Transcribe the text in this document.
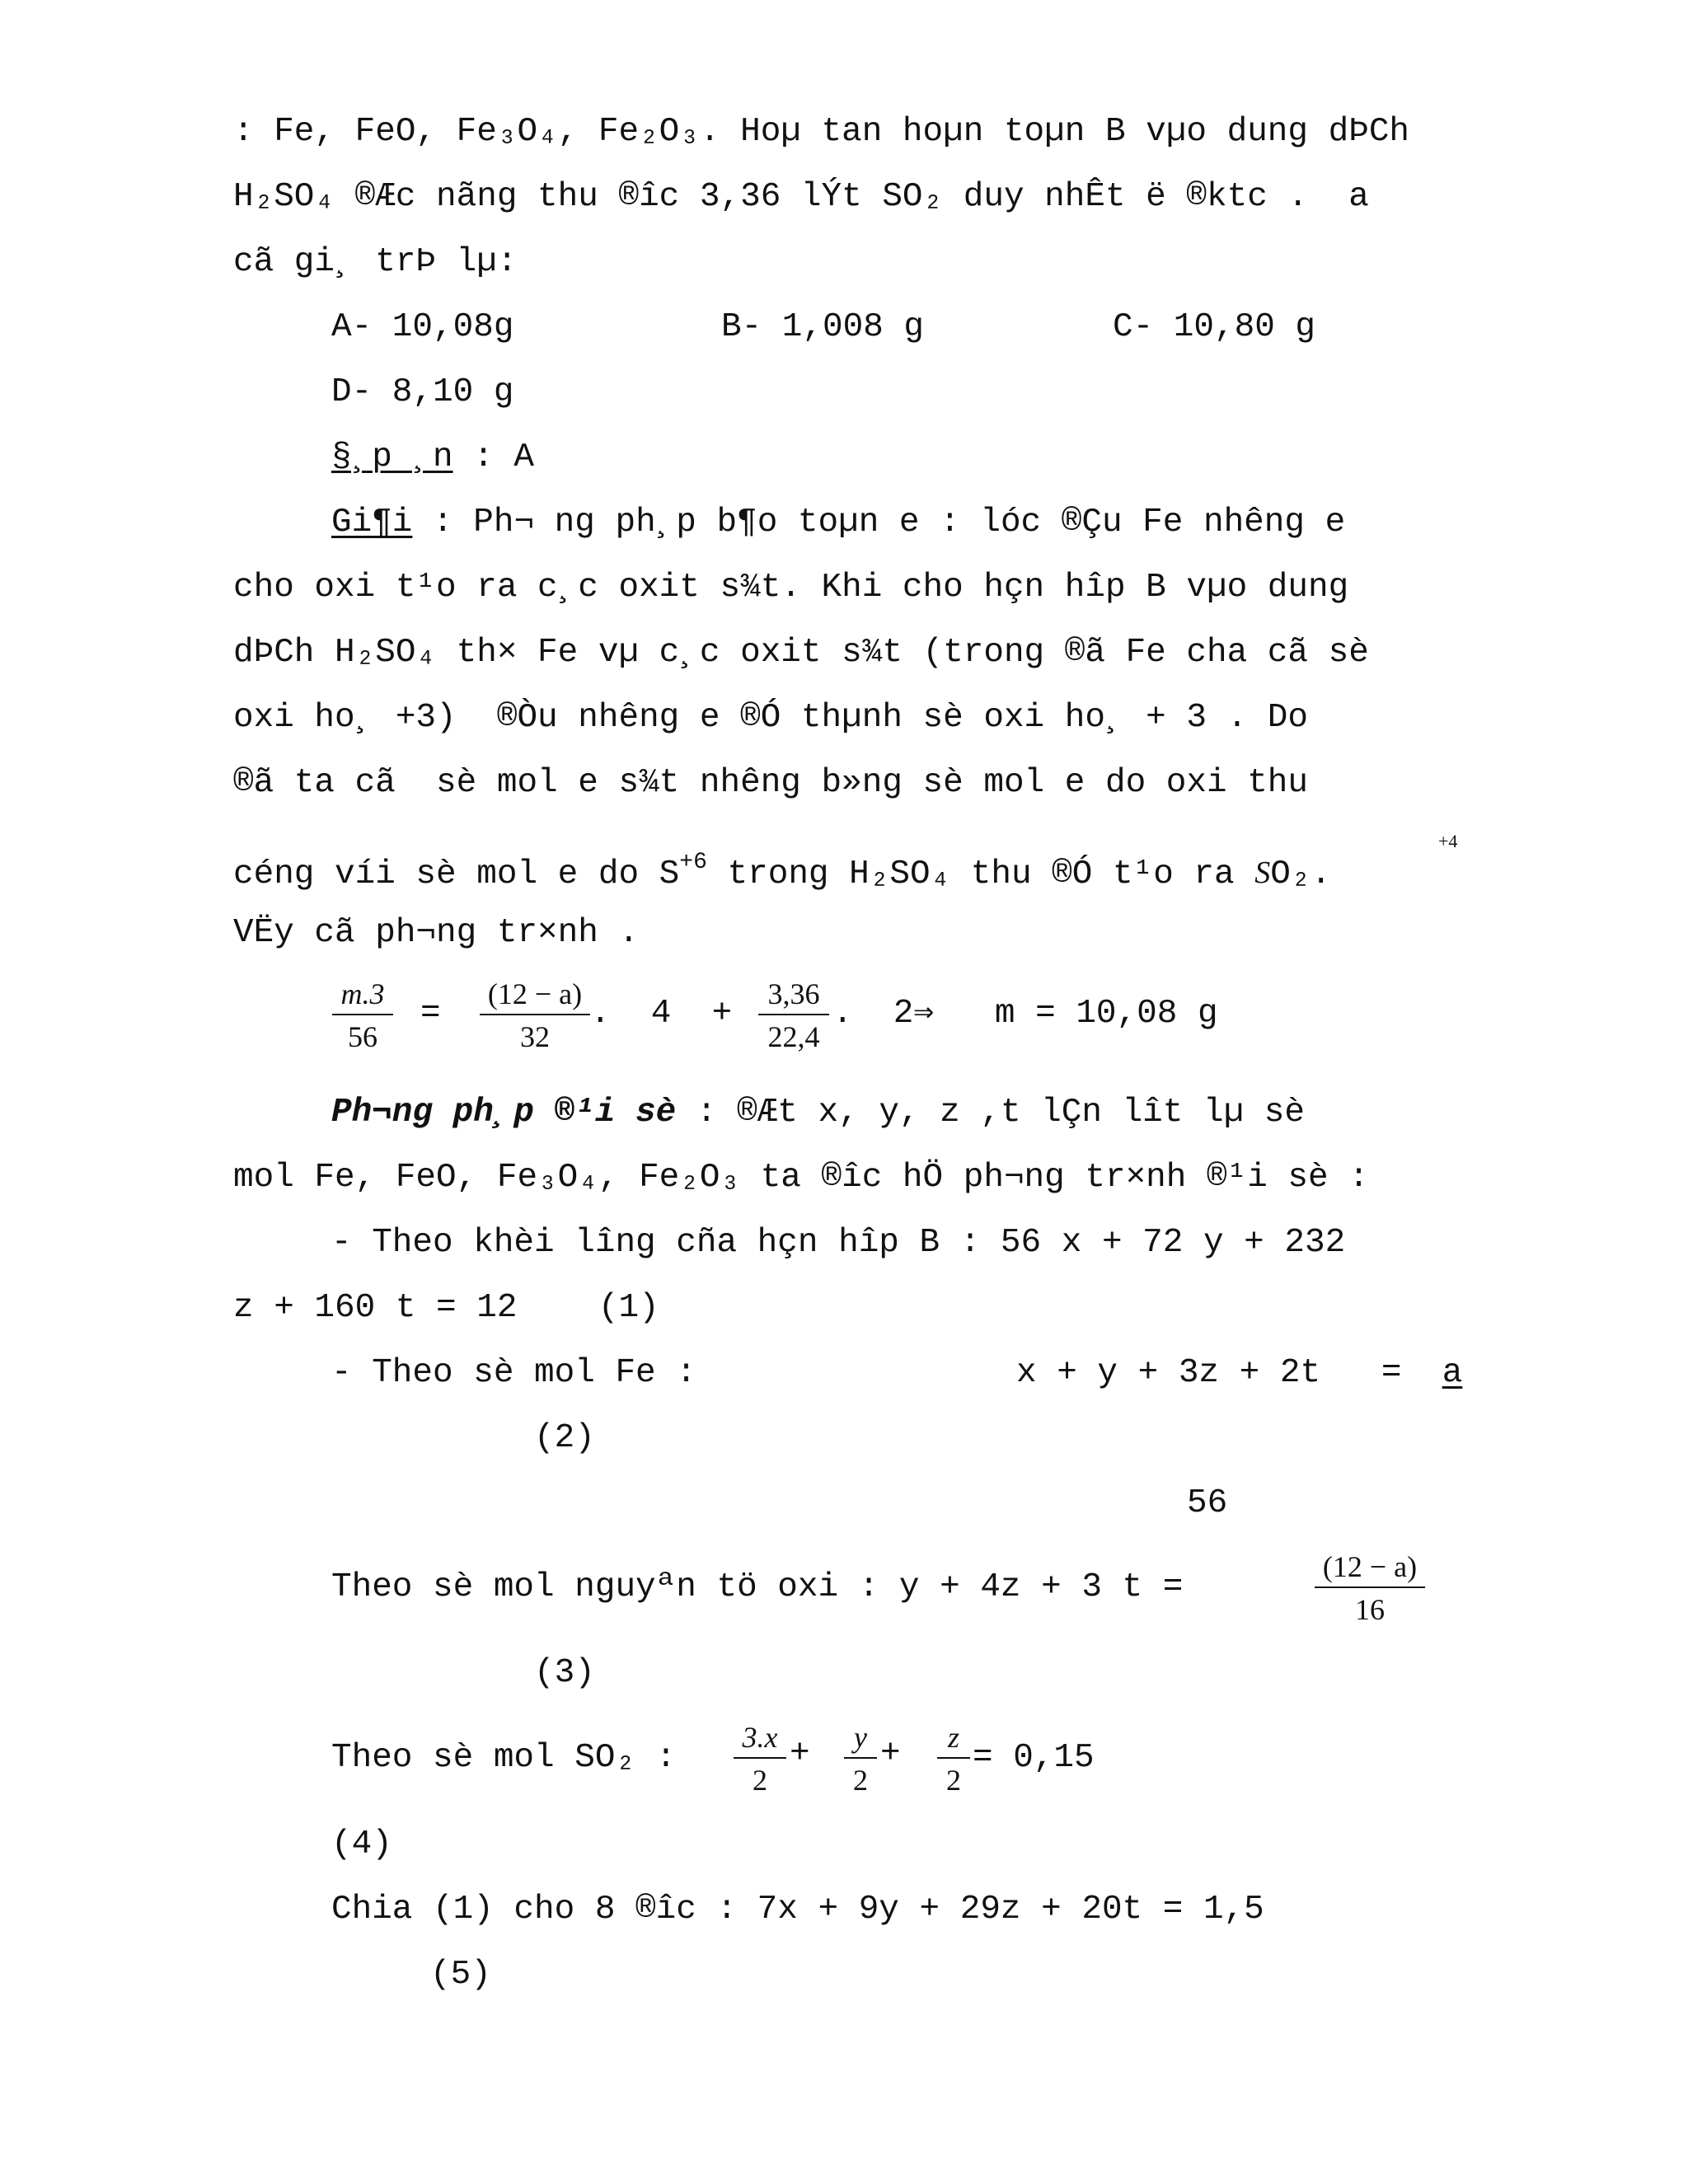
: Fe, FeO, Fe₃O₄, Fe₂O₃. Hoµ tan hoµn toµn B vµo dung dÞCh
H₂SO₄ ®Æc nãng thu ®îc 3,36 lÝt SO₂ duy nhÊt ë ®ktc .  a
cã gi¸ trÞ lµ:
A- 10,08g	B- 1,008 g	C- 10,80 g
D- 8,10 g
§¸p ¸n : A
Gi¶i : Ph¬ ng ph¸p b¶o toµn e : lóc ®Çu Fe nhêng e
cho oxi t¹o ra c¸c oxit s¾t. Khi cho hçn hîp B vµo dung
dÞCh H₂SO₄ th× Fe vµ c¸c oxit s¾t (trong ®ã Fe cha cã sè
oxi ho¸ +3)  ®Òu nhêng e ®Ó thµnh sè oxi ho¸ + 3 . Do
®ã ta cã  sè mol e s¾t nhêng b»ng sè mol e do oxi thu
céng víi sè mol e do $S^{+6}$ trong H₂SO₄ thu ®Ó t¹o ra SO₂.
+4
VËy cã ph¬ng tr×nh .
$\frac{m.3}{56} = \frac{(12 - a)}{32}$ .  $4 + \frac{3,36}{22,4}$ .  2⇒   m = 10,08 g
Ph¬ng ph¸p ®¹i sè : ®Æt x, y, z ,t lÇn lît lµ sè
mol Fe, FeO, Fe₃O₄, Fe₂O₃ ta ®îc hÖ ph¬ng tr×nh ®¹i sè :
- Theo khèi lîng cña hçn hîp B : 56 x + 72 y + 232
z + 160 t = 12    (1)
- Theo sè mol Fe :	x + y + 3z + 2t   =  a
(2)
56
Theo sè mol nguyªn tö oxi : y + 4z + 3 t =	$\frac{(12 - a)}{16}$
(3)
Theo sè mol SO₂ : $\frac{3.x}{2} + \frac{y}{2} + \frac{z}{2} = 0,15$
(4)
Chia (1) cho 8 ®îc : 7x + 9y + 29z + 20t = 1,5
(5)
